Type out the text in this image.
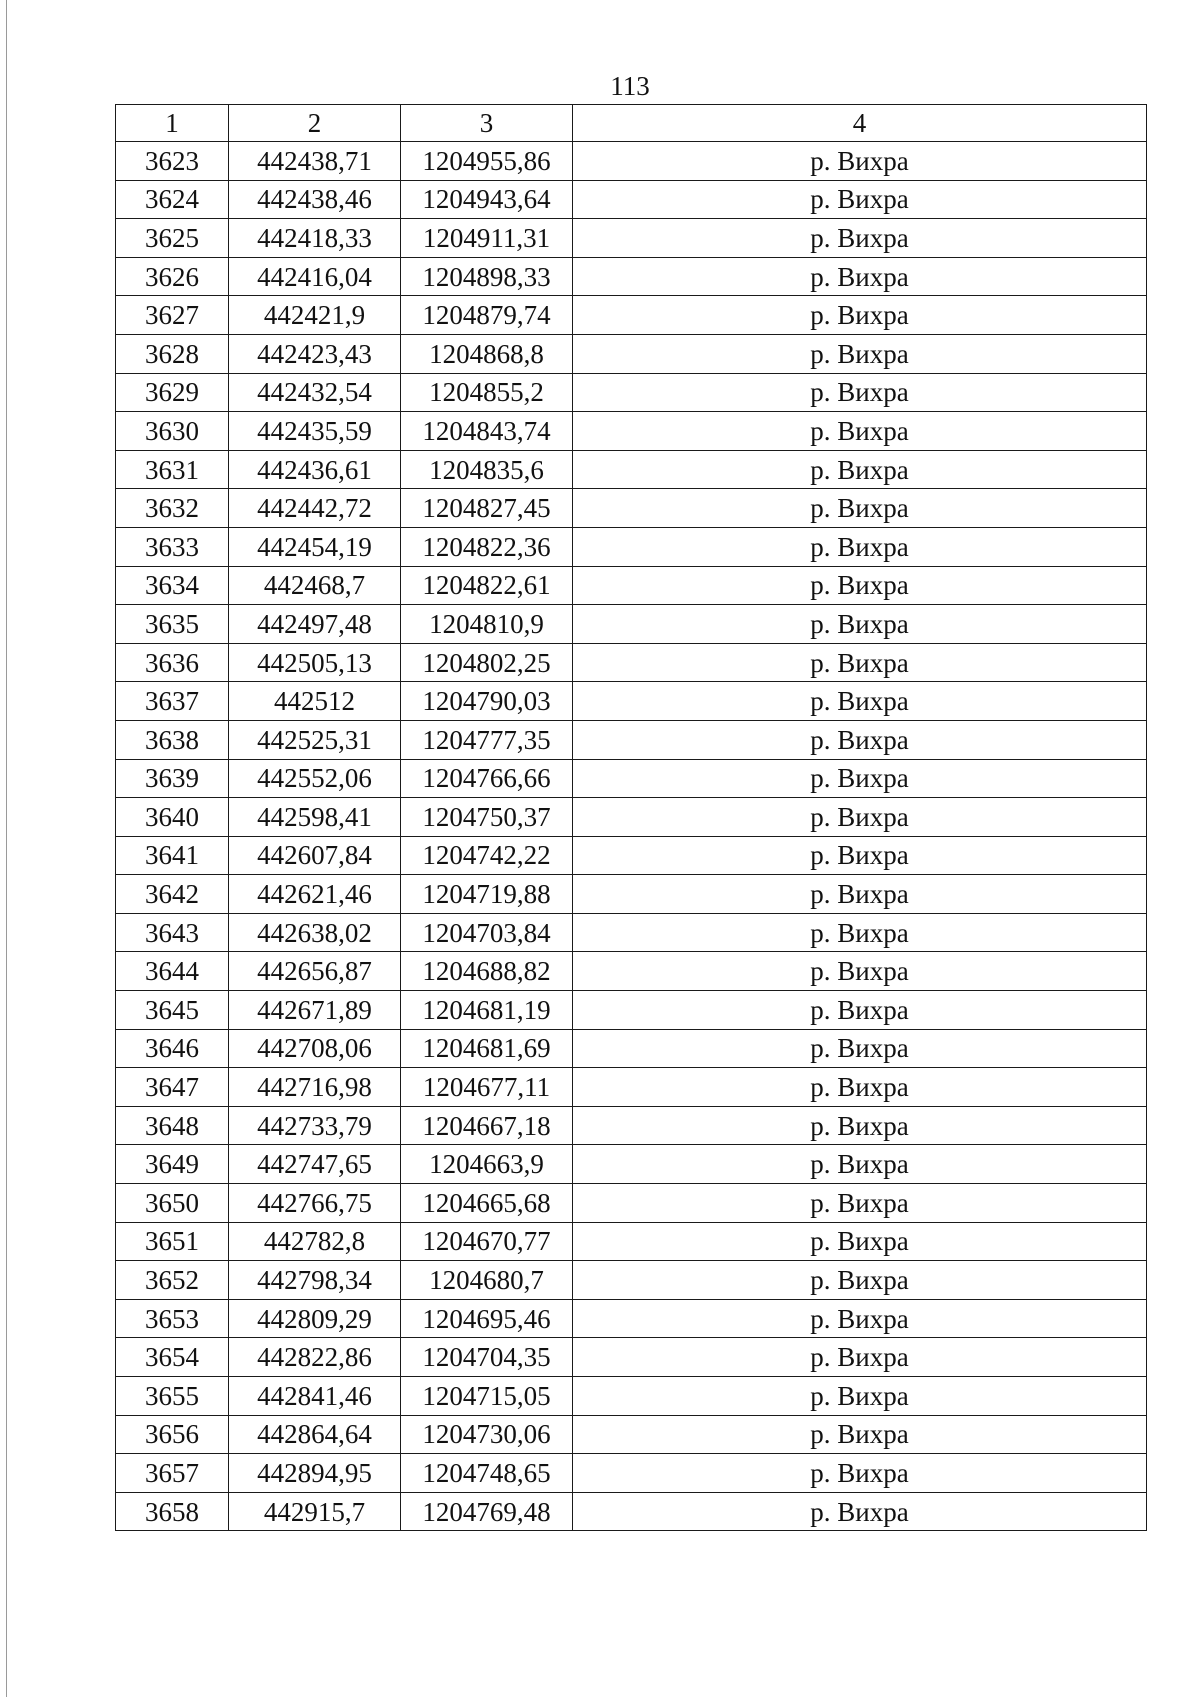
113
1	2	3	4
3623	442438,71	1204955,86	р. Вихра
3624	442438,46	1204943,64	р. Вихра
3625	442418,33	1204911,31	р. Вихра
3626	442416,04	1204898,33	р. Вихра
3627	442421,9	1204879,74	р. Вихра
3628	442423,43	1204868,8	р. Вихра
3629	442432,54	1204855,2	р. Вихра
3630	442435,59	1204843,74	р. Вихра
3631	442436,61	1204835,6	р. Вихра
3632	442442,72	1204827,45	р. Вихра
3633	442454,19	1204822,36	р. Вихра
3634	442468,7	1204822,61	р. Вихра
3635	442497,48	1204810,9	р. Вихра
3636	442505,13	1204802,25	р. Вихра
3637	442512	1204790,03	р. Вихра
3638	442525,31	1204777,35	р. Вихра
3639	442552,06	1204766,66	р. Вихра
3640	442598,41	1204750,37	р. Вихра
3641	442607,84	1204742,22	р. Вихра
3642	442621,46	1204719,88	р. Вихра
3643	442638,02	1204703,84	р. Вихра
3644	442656,87	1204688,82	р. Вихра
3645	442671,89	1204681,19	р. Вихра
3646	442708,06	1204681,69	р. Вихра
3647	442716,98	1204677,11	р. Вихра
3648	442733,79	1204667,18	р. Вихра
3649	442747,65	1204663,9	р. Вихра
3650	442766,75	1204665,68	р. Вихра
3651	442782,8	1204670,77	р. Вихра
3652	442798,34	1204680,7	р. Вихра
3653	442809,29	1204695,46	р. Вихра
3654	442822,86	1204704,35	р. Вихра
3655	442841,46	1204715,05	р. Вихра
3656	442864,64	1204730,06	р. Вихра
3657	442894,95	1204748,65	р. Вихра
3658	442915,7	1204769,48	р. Вихра
